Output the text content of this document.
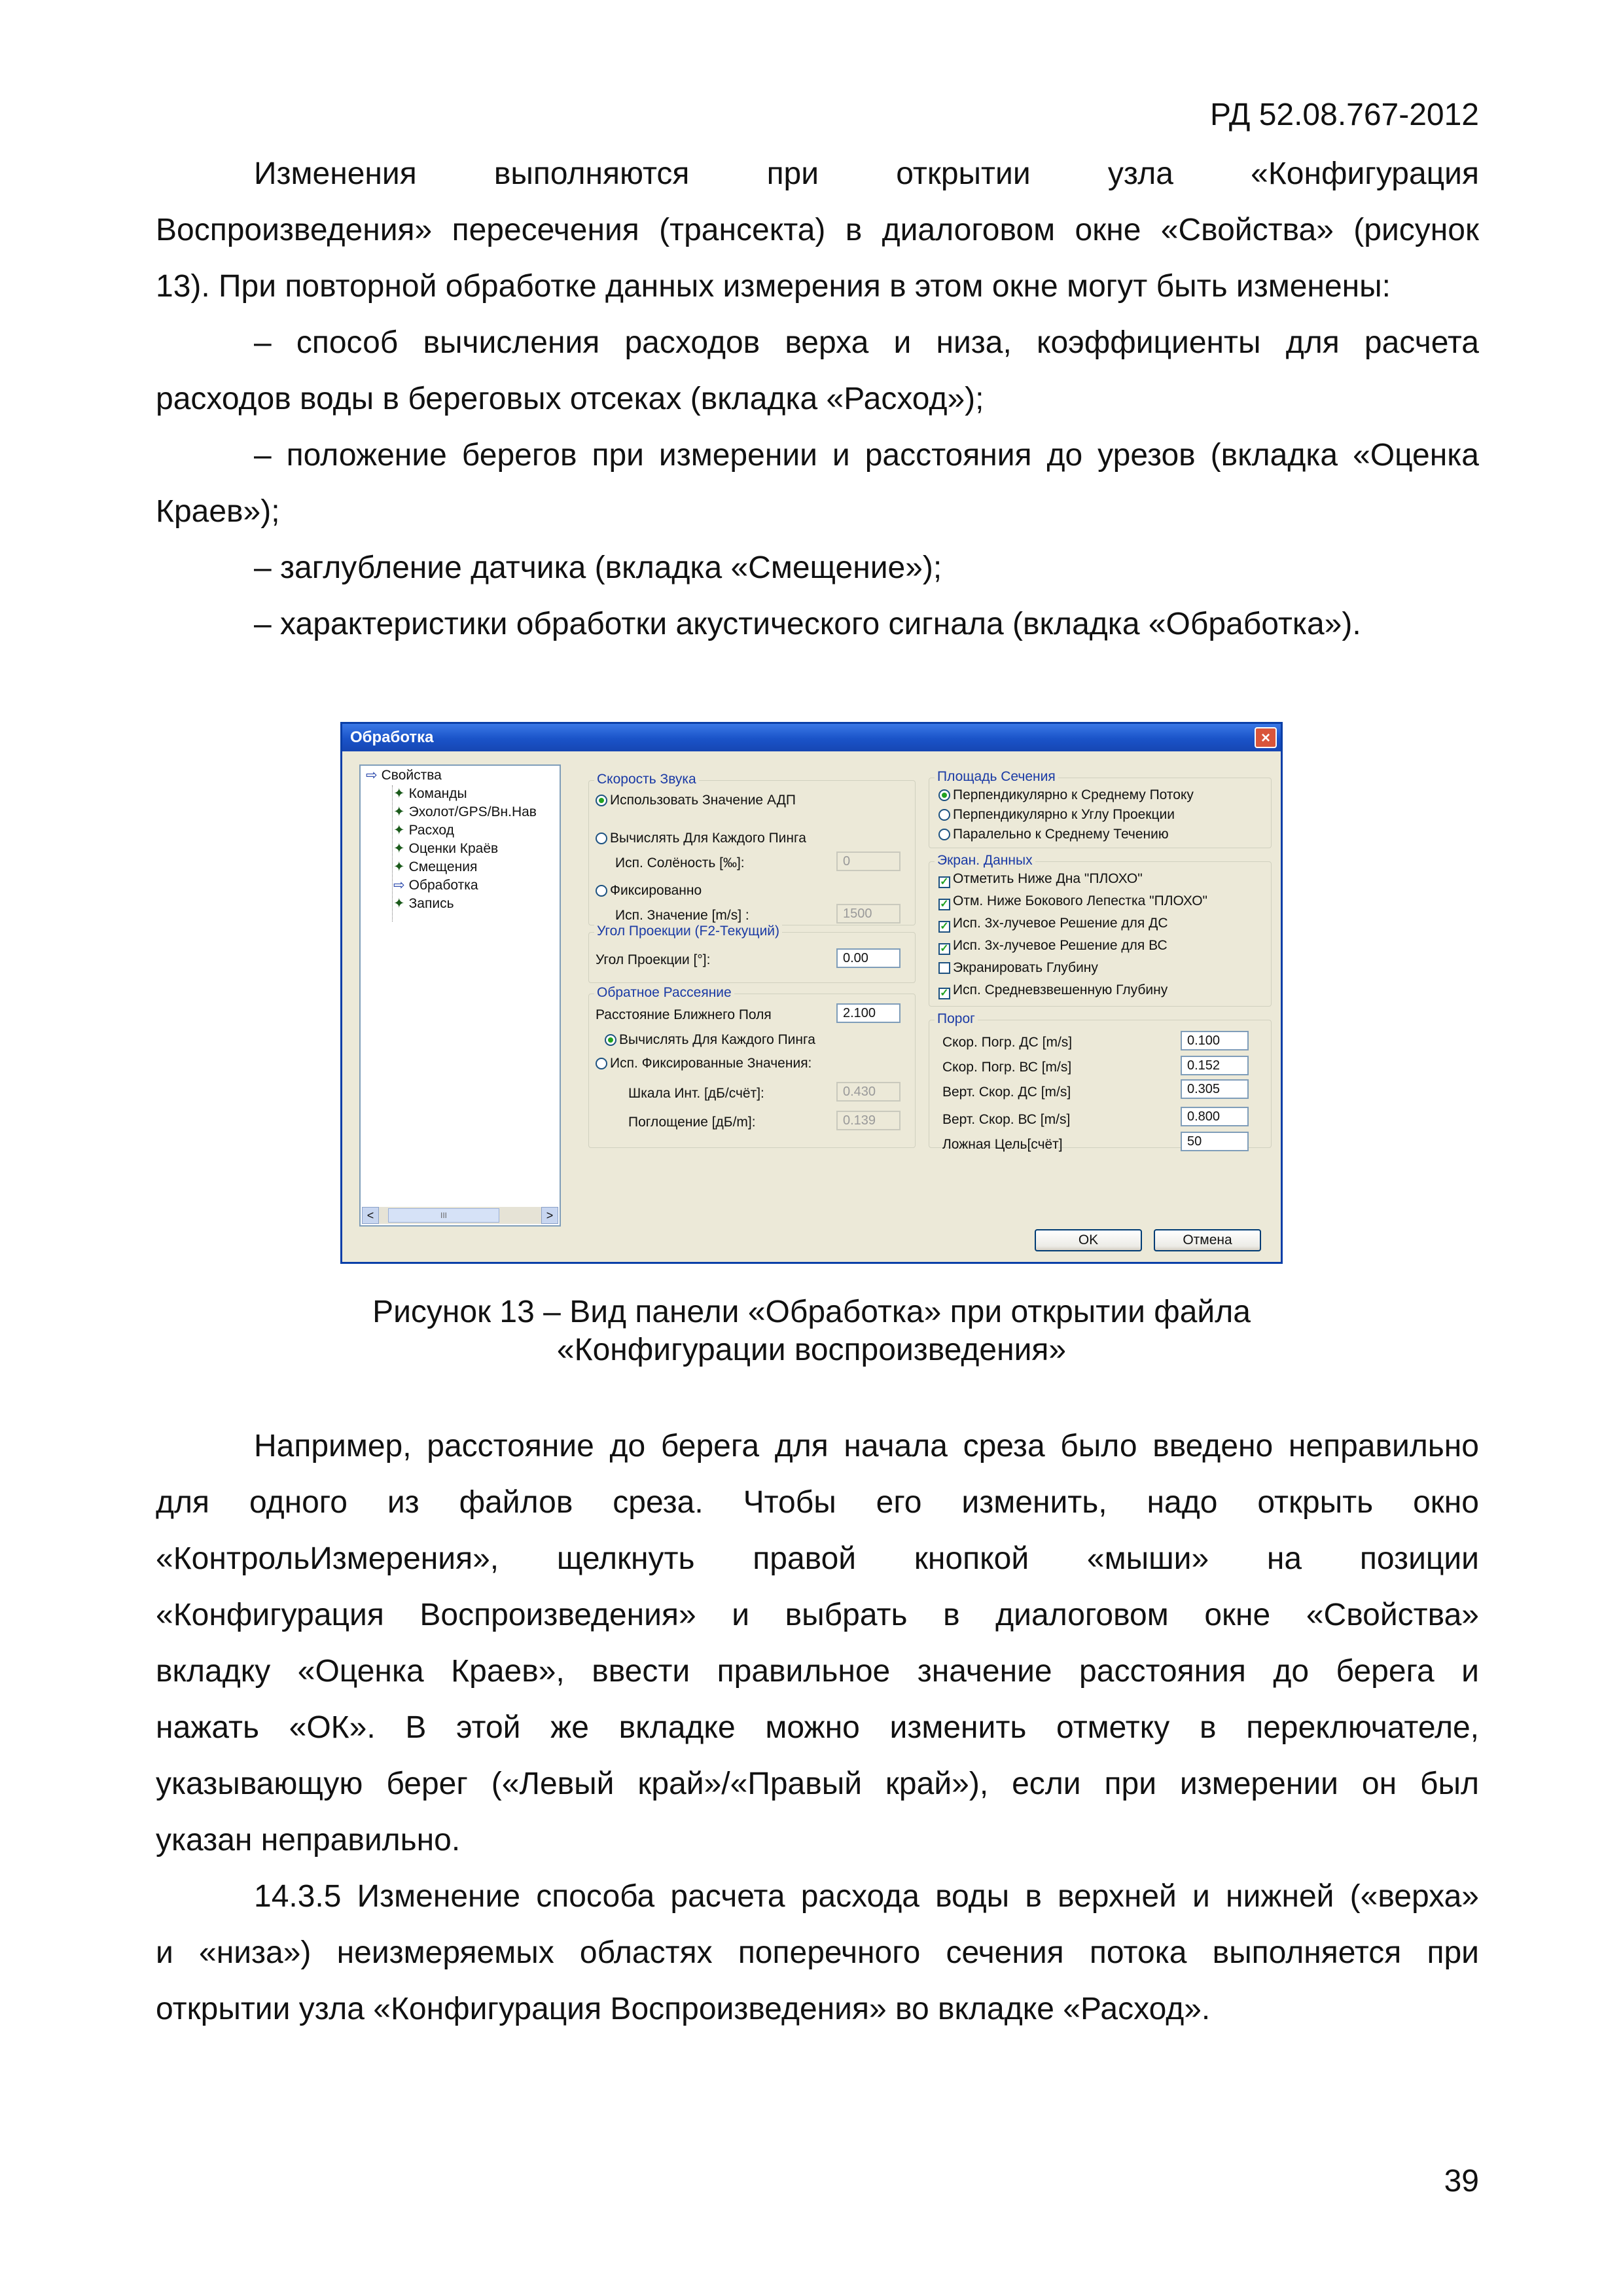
РД 52.08.767-2012
Изменения выполняются при открытии узла «Конфигурация
Воспроизведения» пересечения (трансекта) в диалоговом окне «Свойства» (рисунок
13). При повторной обработке данных измерения в этом окне могут быть изменены:
– способ вычисления расходов верха и низа, коэффициенты для расчета
расходов воды в береговых отсеках (вкладка «Расход»);
– положение берегов при измерении и расстояния до урезов (вкладка «Оценка
Краев»);
– заглубление датчика (вкладка «Смещение»);
– характеристики обработки акустического сигнала (вкладка «Обработка»).
Обработка	×
⇨ Свойства
✦ Команды
✦ Эхолот/GPS/Вн.Нав
✦ Расход
✦ Оценки Краёв
✦ Смещения
⇨ Обработка
✦ Запись
<	III	>
Скорость Звука
Использовать Значение АДП
Вычислять Для Каждого Пинга
Исп. Солёность [‰]:	0
Фиксированно
Исп. Значение [m/s] :	1500
Угол Проекции (F2-Текущий)
Угол Проекции [°]:	0.00
Обратное Рассеяние
Расстояние Ближнего Поля	2.100
Вычислять Для Каждого Пинга
Исп. Фиксированные Значения:
Шкала Инт. [дБ/счёт]:	0.430
Поглощение [дБ/m]:	0.139
Площадь Сечения
Перпендикулярно к Среднему Потоку
Перпендикулярно к Углу Проекции
Паралельно к Среднему Течению
Экран. Данных
✓ Отметить Ниже Дна "ПЛОХО"
✓ Отм. Ниже Бокового Лепестка "ПЛОХО"
✓ Исп. 3х-лучевое Решение для ДС
✓ Исп. 3х-лучевое Решение для ВС
Экранировать Глубину
✓ Исп. Средневзвешенную Глубину
Порог
Скор. Погр. ДС [m/s]	0.100
Скор. Погр. ВС [m/s]	0.152
Верт. Скор. ДС [m/s]	0.305
Верт. Скор. ВС [m/s]	0.800
Ложная Цель[счёт]	50
OK	Отмена
Рисунок 13 – Вид панели «Обработка» при открытии файла
«Конфигурации воспроизведения»
Например, расстояние до берега для начала среза было введено неправильно
для одного из файлов среза. Чтобы его изменить, надо открыть окно
«КонтрольИзмерения», щелкнуть правой кнопкой «мыши» на позиции
«Конфигурация Воспроизведения» и выбрать в диалоговом окне «Свойства»
вкладку «Оценка Краев», ввести правильное значение расстояния до берега и
нажать «ОК». В этой же вкладке можно изменить отметку в переключателе,
указывающую берег («Левый край»/«Правый край»), если при измерении он был
указан неправильно.
14.3.5 Изменение способа расчета расхода воды в верхней и нижней («верха»
и «низа») неизмеряемых областях поперечного сечения потока выполняется при
открытии узла «Конфигурация Воспроизведения» во вкладке «Расход».
39
